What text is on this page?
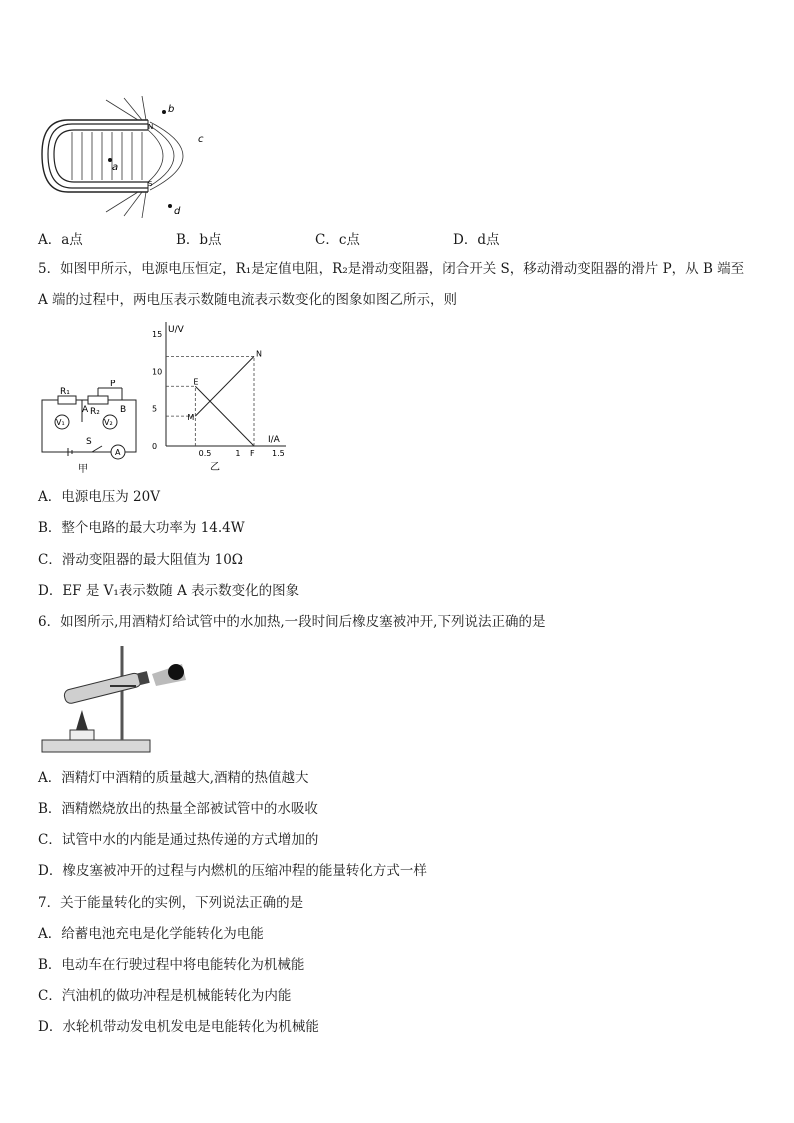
N
S
a
b
c
d
A．a点	B．b点	C．c点	D．d点
5．如图甲所示，电源电压恒定，R₁是定值电阻，R₂是滑动变阻器，闭合开关 S，移动滑动变阻器的滑片 P，从 B 端至
A 端的过程中，两电压表示数随电流表示数变化的图象如图乙所示，则
R₁
R₂
P
A	B
V₁	V₂
S
A
甲
0.5	1 F 1.5
0
5
10
15
E
M
N
U/V
I/A
乙
A．电源电压为 20V
B．整个电路的最大功率为 14.4W
C．滑动变阻器的最大阻值为 10Ω
D．EF 是 V₁表示数随 A 表示数变化的图象
6．如图所示,用酒精灯给试管中的水加热,一段时间后橡皮塞被冲开,下列说法正确的是
A．酒精灯中酒精的质量越大,酒精的热值越大
B．酒精燃烧放出的热量全部被试管中的水吸收
C．试管中水的内能是通过热传递的方式增加的
D．橡皮塞被冲开的过程与内燃机的压缩冲程的能量转化方式一样
7．关于能量转化的实例，下列说法正确的是
A．给蓄电池充电是化学能转化为电能
B．电动车在行驶过程中将电能转化为机械能
C．汽油机的做功冲程是机械能转化为内能
D．水轮机带动发电机发电是电能转化为机械能
